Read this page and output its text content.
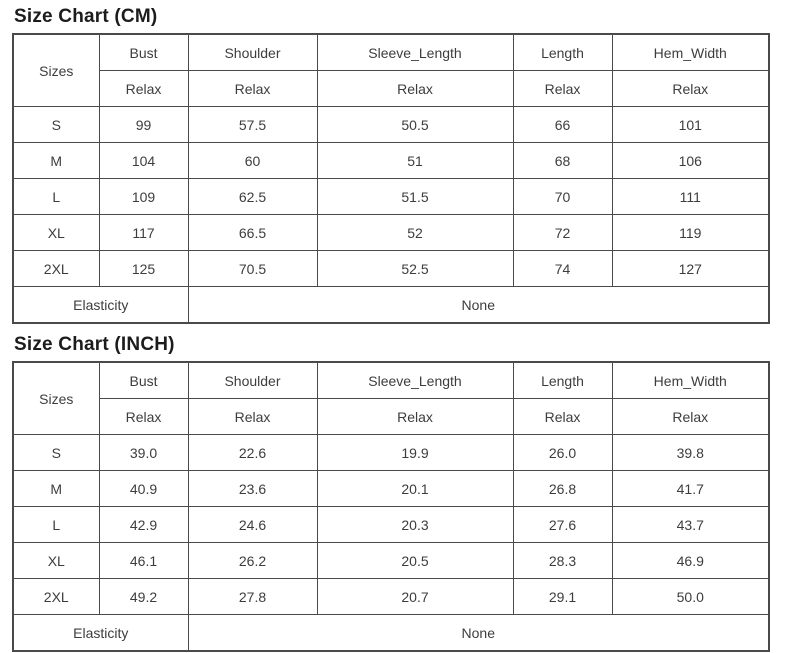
Size Chart (CM)
Sizes	Bust	Shoulder	Sleeve_Length	Length	Hem_Width
	Relax	Relax	Relax	Relax	Relax
S	99	57.5	50.5	66	101
M	104	60	51	68	106
L	109	62.5	51.5	70	111
XL	117	66.5	52	72	119
2XL	125	70.5	52.5	74	127
Elasticity		None			
Size Chart (INCH)
Sizes	Bust	Shoulder	Sleeve_Length	Length	Hem_Width
	Relax	Relax	Relax	Relax	Relax
S	39.0	22.6	19.9	26.0	39.8
M	40.9	23.6	20.1	26.8	41.7
L	42.9	24.6	20.3	27.6	43.7
XL	46.1	26.2	20.5	28.3	46.9
2XL	49.2	27.8	20.7	29.1	50.0
Elasticity		None			
